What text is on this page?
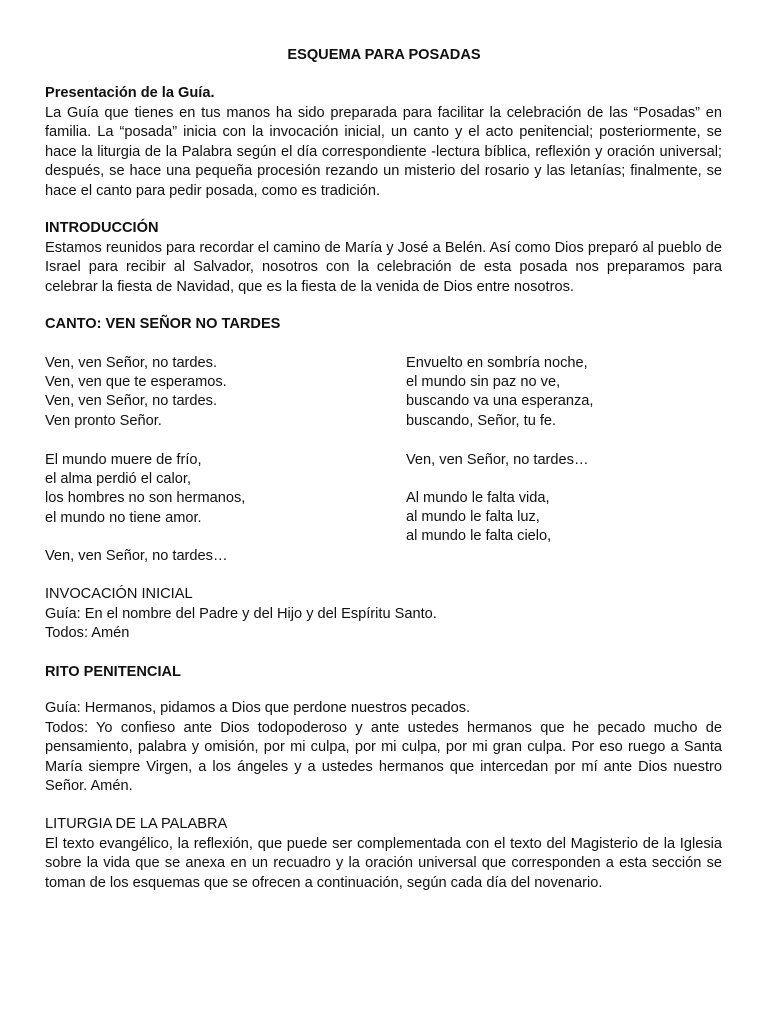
ESQUEMA PARA POSADAS
Presentación de la Guía.
La Guía que tienes en tus manos ha sido preparada para facilitar la celebración de las “Posadas” en familia. La “posada” inicia con la invocación inicial, un canto y el acto penitencial; posteriormente, se hace la liturgia de la Palabra según el día correspondiente -lectura bíblica, reflexión y oración universal; después, se hace una pequeña procesión rezando un misterio del rosario y las letanías; finalmente, se hace el canto para pedir posada, como es tradición.
INTRODUCCIÓN
Estamos reunidos para recordar el camino de María y José a Belén. Así como Dios preparó al pueblo de Israel para recibir al Salvador, nosotros con la celebración de esta posada nos preparamos para celebrar la fiesta de Navidad, que es la fiesta de la venida de Dios entre nosotros.
CANTO: VEN SEÑOR NO TARDES
Ven, ven Señor, no tardes.
Ven, ven que te esperamos.
Ven, ven Señor, no tardes.
Ven pronto Señor.
El mundo muere de frío,
el alma perdió el calor,
los hombres no son hermanos,
el mundo no tiene amor.
Ven, ven Señor, no tardes…
Envuelto en sombría noche,
el mundo sin paz no ve,
buscando va una esperanza,
buscando, Señor, tu fe.
Ven, ven Señor, no tardes…
Al mundo le falta vida,
al mundo le falta luz,
al mundo le falta cielo,
INVOCACIÓN INICIAL
Guía: En el nombre del Padre y del Hijo y del Espíritu Santo.
Todos: Amén
RITO PENITENCIAL
Guía: Hermanos, pidamos a Dios que perdone nuestros pecados.
Todos: Yo confieso ante Dios todopoderoso y ante ustedes hermanos que he pecado mucho de pensamiento, palabra y omisión, por mi culpa, por mi culpa, por mi gran culpa. Por eso ruego a Santa María siempre Virgen, a los ángeles y a ustedes hermanos que intercedan por mí ante Dios nuestro Señor. Amén.
LITURGIA DE LA PALABRA
El texto evangélico, la reflexión, que puede ser complementada con el texto del Magisterio de la Iglesia sobre la vida que se anexa en un recuadro y la oración universal que corresponden a esta sección se toman de los esquemas que se ofrecen a continuación, según cada día del novenario.
